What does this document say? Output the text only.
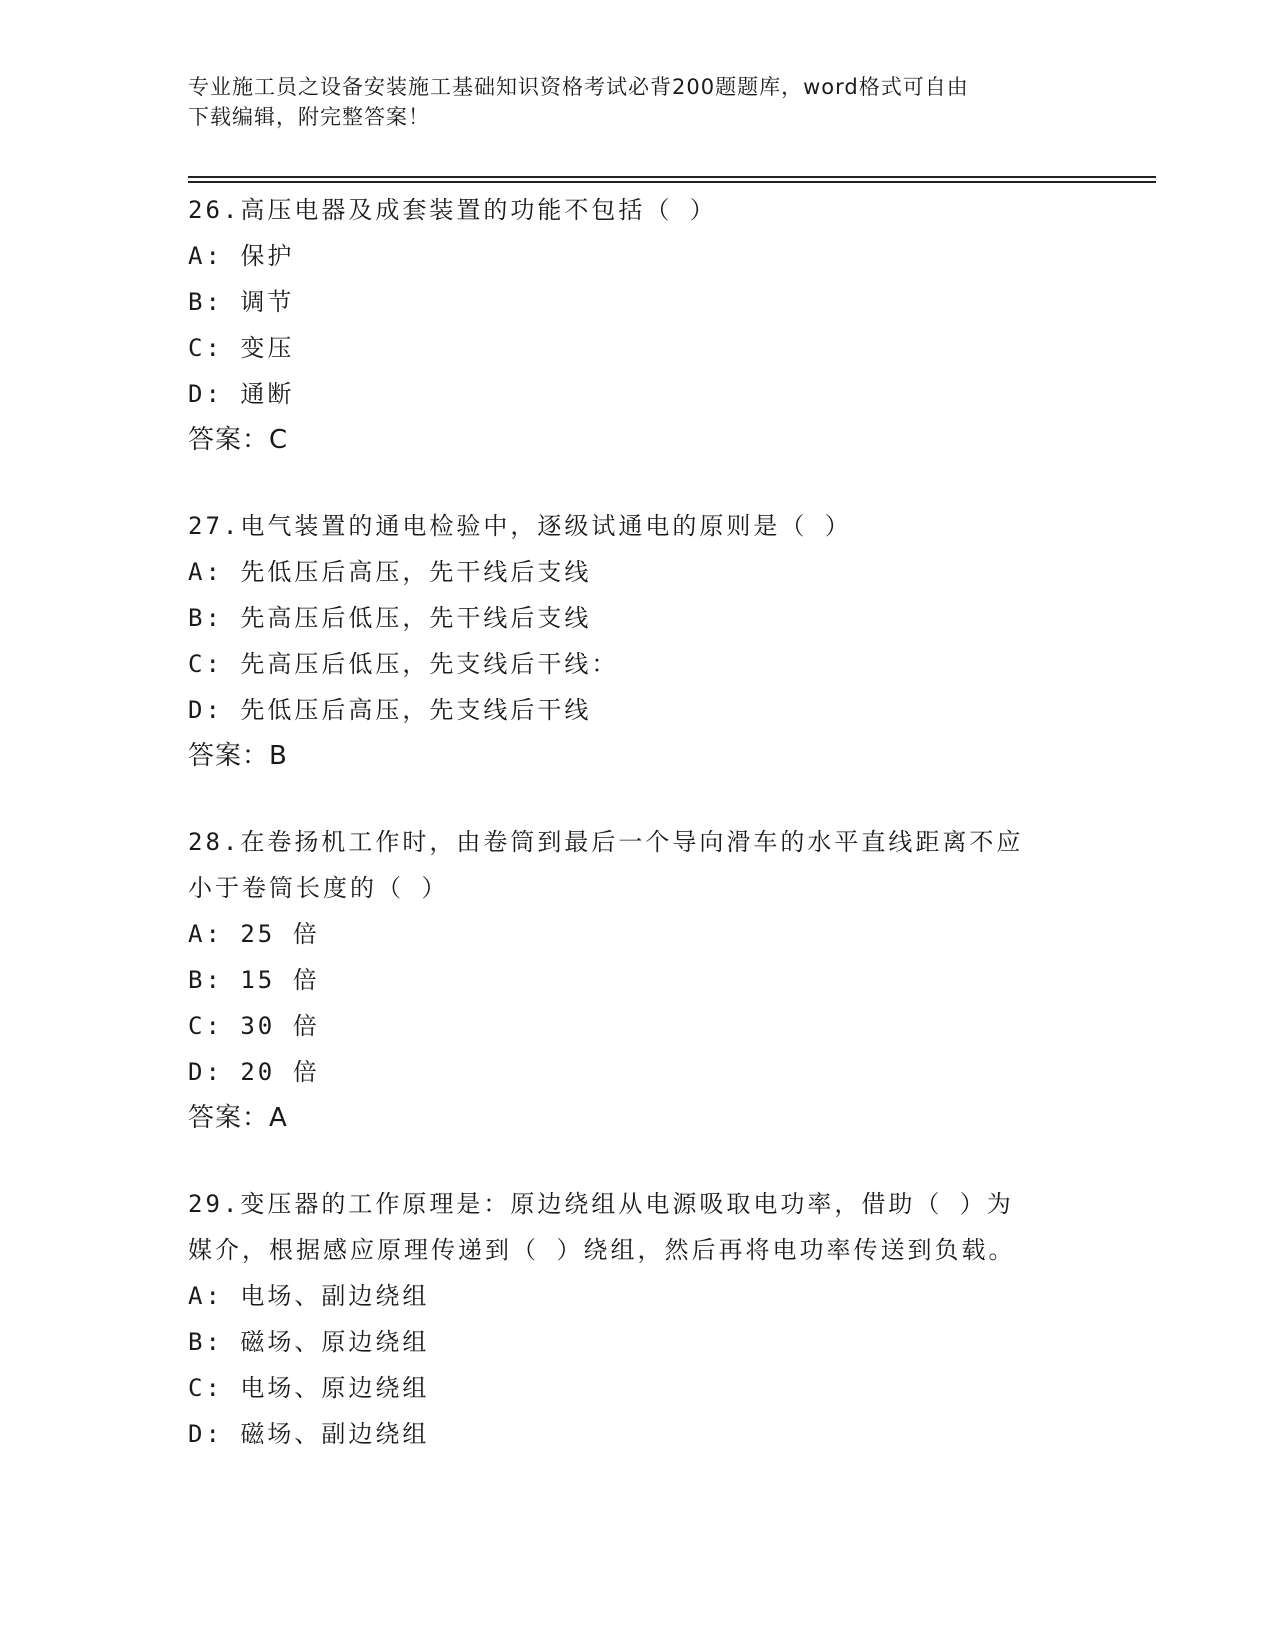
专业施工员之设备安装施工基础知识资格考试必背200题题库，word格式可自由
下载编辑，附完整答案！
26.高压电器及成套装置的功能不包括（ ）
A: 保护
B: 调节
C: 变压
D: 通断
答案：C
27.电气装置的通电检验中，逐级试通电的原则是（ ）
A: 先低压后高压，先干线后支线
B: 先高压后低压，先干线后支线
C: 先高压后低压，先支线后干线：
D: 先低压后高压，先支线后干线
答案：B
28.在卷扬机工作时，由卷筒到最后一个导向滑车的水平直线距离不应
小于卷筒长度的（ ）
A: 25 倍
B: 15 倍
C: 30 倍
D: 20 倍
答案：A
29.变压器的工作原理是：原边绕组从电源吸取电功率，借助（ ）为
媒介，根据感应原理传递到（ ）绕组，然后再将电功率传送到负载。
A: 电场、副边绕组
B: 磁场、原边绕组
C: 电场、原边绕组
D: 磁场、副边绕组
